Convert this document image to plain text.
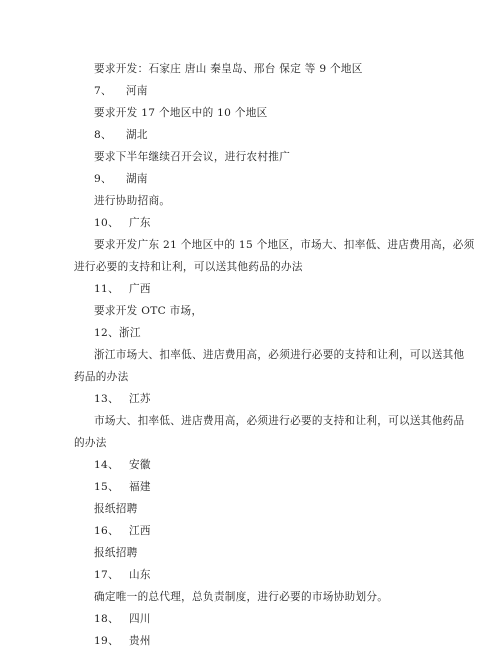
要求开发：石家庄 唐山 秦皇岛、邢台 保定 等 9 个地区
7、 河南
要求开发 17 个地区中的 10 个地区
8、 湖北
要求下半年继续召开会议，进行农村推广
9、 湖南
进行协助招商。
10、 广东
要求开发广东 21 个地区中的 15 个地区，市场大、扣率低、进店费用高，必须
进行必要的支持和让利，可以送其他药品的办法
11、 广西
要求开发 OTC 市场，
12、浙江
浙江市场大、扣率低、进店费用高，必须进行必要的支持和让利，可以送其他
药品的办法
13、 江苏
市场大、扣率低、进店费用高，必须进行必要的支持和让利，可以送其他药品
的办法
14、 安徽
15、 福建
报纸招聘
16、 江西
报纸招聘
17、 山东
确定唯一的总代理，总负责制度，进行必要的市场协助划分。
18、 四川
19、 贵州
